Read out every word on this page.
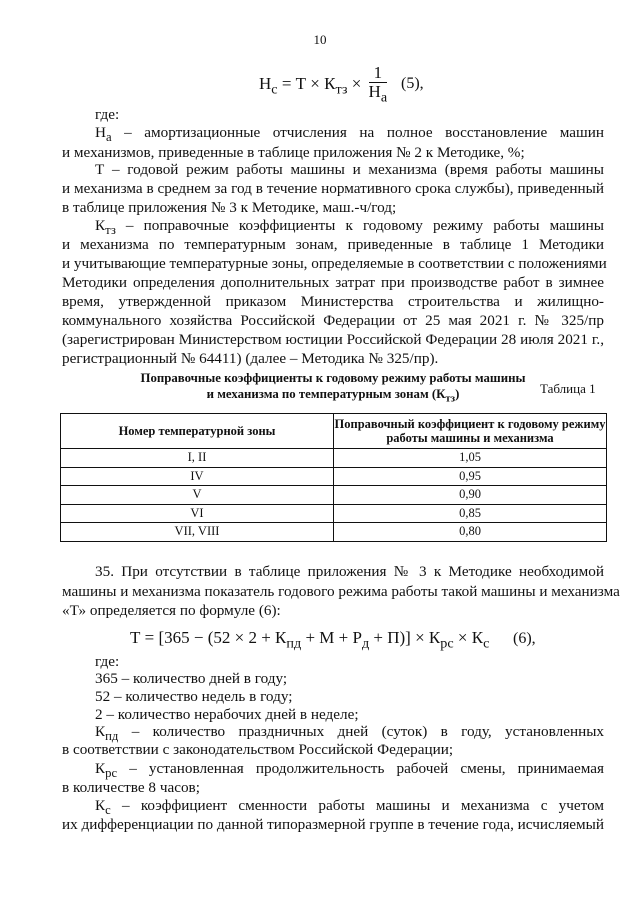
10
$Н_с = Т \times К_{тз} \times \frac{1}{Н_а} (5)$,
где:
$Н_а$ – амортизационные отчисления на полное восстановление машин
и механизмов, приведенные в таблице приложения № 2 к Методике, %;
Т – годовой режим работы машины и механизма (время работы машины
и механизма в среднем за год в течение нормативного срока службы), приведенный
в таблице приложения № 3 к Методике, маш.-ч/год;
$К_{тз}$ – поправочные коэффициенты к годовому режиму работы машины
и механизма по температурным зонам, приведенные в таблице 1 Методики
и учитывающие температурные зоны, определяемые в соответствии с положениями
Методики определения дополнительных затрат при производстве работ в зимнее
время, утвержденной приказом Министерства строительства и жилищно-
коммунального хозяйства Российской Федерации от 25 мая 2021 г. № 325/пр
(зарегистрирован Министерством юстиции Российской Федерации 28 июля 2021 г.,
регистрационный № 64411) (далее – Методика № 325/пр).
Таблица 1
Поправочные коэффициенты к годовому режиму работы машины
и механизма по температурным зонам $(К_{тз})$
Номер температурной зоны	Поправочный коэффициент к годовому режиму работы машины и механизма
I, II	1,05
IV	0,95
V	0,90
VI	0,85
VII, VIII	0,80
35. При отсутствии в таблице приложения № 3 к Методике необходимой
машины и механизма показатель годового режима работы такой машины и механизма
«Т» определяется по формуле (6):
$Т = [365 - (52 \times 2 + К_{пд} + М + Р_д + П)] \times К_{рс} \times К_с$ (6),
где:
365 – количество дней в году;
52 – количество недель в году;
2 – количество нерабочих дней в неделе;
$К_{пд}$ – количество праздничных дней (суток) в году, установленных
в соответствии с законодательством Российской Федерации;
$К_{рс}$ – установленная продолжительность рабочей смены, принимаемая
в количестве 8 часов;
$К_с$ – коэффициент сменности работы машины и механизма с учетом
их дифференциации по данной типоразмерной группе в течение года, исчисляемый
